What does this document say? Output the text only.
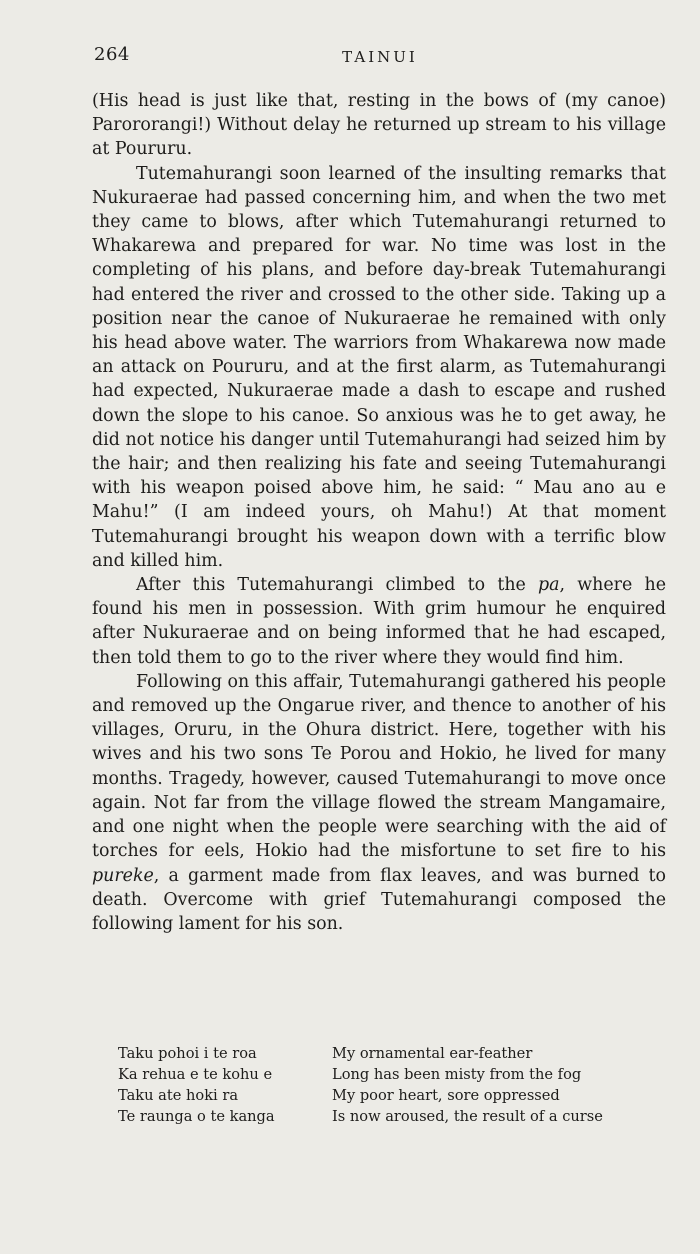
264	TAINUI

(His head is just like that, resting in the bows of (my canoe) Parororangi!) Without delay he returned up stream to his village at Poururu.

Tutemahurangi soon learned of the insulting remarks that Nukuraerae had passed concerning him, and when the two met they came to blows, after which Tutemahurangi returned to Whakarewa and prepared for war. No time was lost in the completing of his plans, and before day-break Tutemahurangi had entered the river and crossed to the other side. Taking up a position near the canoe of Nukuraerae he remained with only his head above water. The warriors from Whakarewa now made an attack on Poururu, and at the first alarm, as Tutemahurangi had expected, Nukuraerae made a dash to escape and rushed down the slope to his canoe. So anxious was he to get away, he did not notice his danger until Tutemahurangi had seized him by the hair; and then realizing his fate and seeing Tutemahurangi with his weapon poised above him, he said: “ Mau ano au e Mahu!” (I am indeed yours, oh Mahu!) At that moment Tutemahurangi brought his weapon down with a terrific blow and killed him.

After this Tutemahurangi climbed to the pa, where he found his men in possession. With grim humour he enquired after Nukuraerae and on being informed that he had escaped, then told them to go to the river where they would find him.

Following on this affair, Tutemahurangi gathered his people and removed up the Ongarue river, and thence to another of his villages, Oruru, in the Ohura district. Here, together with his wives and his two sons Te Porou and Hokio, he lived for many months. Tragedy, however, caused Tutemahurangi to move once again. Not far from the village flowed the stream Mangamaire, and one night when the people were searching with the aid of torches for eels, Hokio had the misfortune to set fire to his pureke, a garment made from flax leaves, and was burned to death. Overcome with grief Tutemahurangi composed the following lament for his son.

Taku pohoi i te roa	My ornamental ear-feather
Ka rehua e te kohu e	Long has been misty from the fog
Taku ate hoki ra	My poor heart, sore oppressed
Te raunga o te kanga	Is now aroused, the result of a curse
